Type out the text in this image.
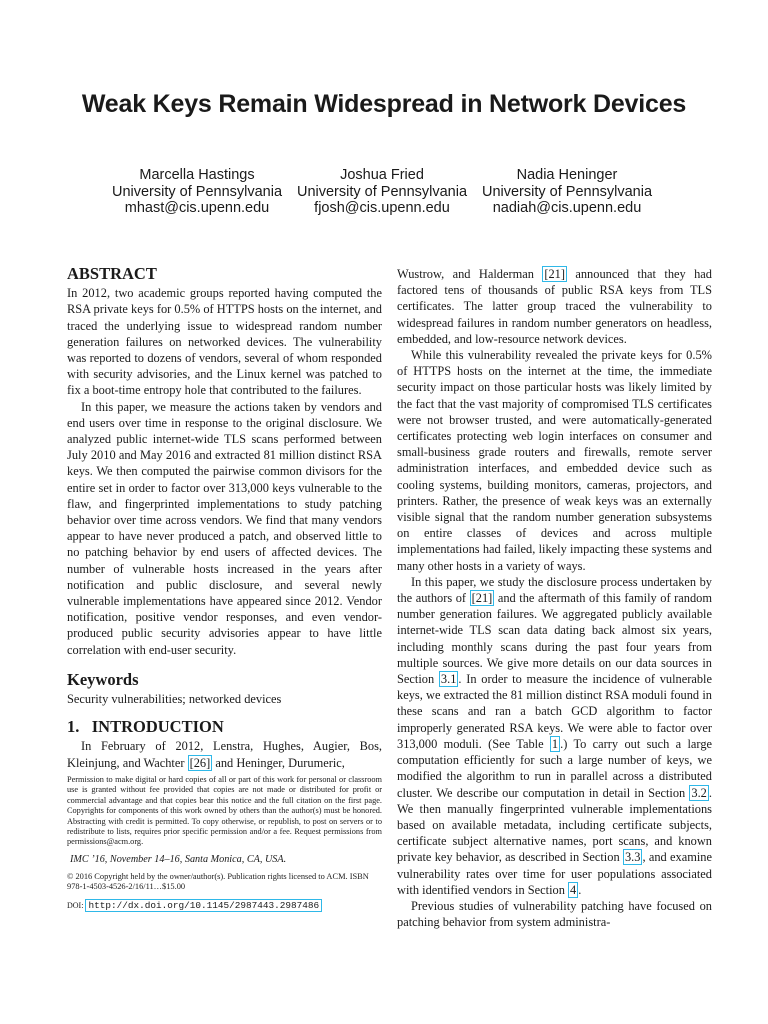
Weak Keys Remain Widespread in Network Devices
Marcella Hastings
University of Pennsylvania
mhast@cis.upenn.edu
Joshua Fried
University of Pennsylvania
fjosh@cis.upenn.edu
Nadia Heninger
University of Pennsylvania
nadiah@cis.upenn.edu
ABSTRACT

In 2012, two academic groups reported having computed the RSA private keys for 0.5% of HTTPS hosts on the internet, and traced the underlying issue to widespread random number generation failures on networked devices. The vulnerability was reported to dozens of vendors, several of whom responded with security advisories, and the Linux kernel was patched to fix a boot-time entropy hole that contributed to the failures.

In this paper, we measure the actions taken by vendors and end users over time in response to the original disclosure. We analyzed public internet-wide TLS scans performed between July 2010 and May 2016 and extracted 81 million distinct RSA keys. We then computed the pairwise common divisors for the entire set in order to factor over 313,000 keys vulnerable to the flaw, and fingerprinted implementations to study patching behavior over time across vendors. We find that many vendors appear to have never produced a patch, and observed little to no patching behavior by end users of affected devices. The number of vulnerable hosts increased in the years after notification and public disclosure, and several newly vulnerable implementations have appeared since 2012. Vendor notification, positive vendor responses, and even vendor-produced public security advisories appear to have little correlation with end-user security.

Keywords

Security vulnerabilities; networked devices

1.   INTRODUCTION

In February of 2012, Lenstra, Hughes, Augier, Bos, Kleinjung, and Wachter [26] and Heninger, Durumeric,

Permission to make digital or hard copies of all or part of this work for personal or classroom use is granted without fee provided that copies are not made or distributed for profit or commercial advantage and that copies bear this notice and the full citation on the first page. Copyrights for components of this work owned by others than the author(s) must be honored. Abstracting with credit is permitted. To copy otherwise, or republish, to post on servers or to redistribute to lists, requires prior specific permission and/or a fee. Request permissions from permissions@acm.org.
IMC ’16, November 14–16, Santa Monica, CA, USA.
© 2016 Copyright held by the owner/author(s). Publication rights licensed to ACM. ISBN 978-1-4503-4526-2/16/11…$15.00
DOI: http://dx.doi.org/10.1145/2987443.2987486

Wustrow, and Halderman [21] announced that they had factored tens of thousands of public RSA keys from TLS certificates. The latter group traced the vulnerability to widespread failures in random number generators on headless, embedded, and low-resource network devices.

While this vulnerability revealed the private keys for 0.5% of HTTPS hosts on the internet at the time, the immediate security impact on those particular hosts was likely limited by the fact that the vast majority of compromised TLS certificates were not browser trusted, and were automatically-generated certificates protecting web login interfaces on consumer and small-business grade routers and firewalls, remote server administration interfaces, and embedded device such as cooling systems, building monitors, cameras, projectors, and printers. Rather, the presence of weak keys was an externally visible signal that the random number generation subsystems on entire classes of devices and across multiple implementations had failed, likely impacting these systems and many other hosts in a variety of ways.

In this paper, we study the disclosure process undertaken by the authors of [21] and the aftermath of this family of random number generation failures. We aggregated publicly available internet-wide TLS scan data dating back almost six years, including monthly scans during the past four years from multiple sources. We give more details on our data sources in Section 3.1 . In order to measure the incidence of vulnerable keys, we extracted the 81 million distinct RSA moduli found in these scans and ran a batch GCD algorithm to factor improperly generated RSA keys. We were able to factor over 313,000 moduli. (See Table 1 .) To carry out such a large computation efficiently for such a large number of keys, we modified the algorithm to run in parallel across a distributed cluster. We describe our computation in detail in Section 3.2 . We then manually fingerprinted vulnerable implementations based on available metadata, including certificate subjects, certificate subject alternative names, port scans, and known private key behavior, as described in Section 3.3 , and examine vulnerability rates over time for user populations associated with identified vendors in Section 4 .

Previous studies of vulnerability patching have focused on patching behavior from system administra-
